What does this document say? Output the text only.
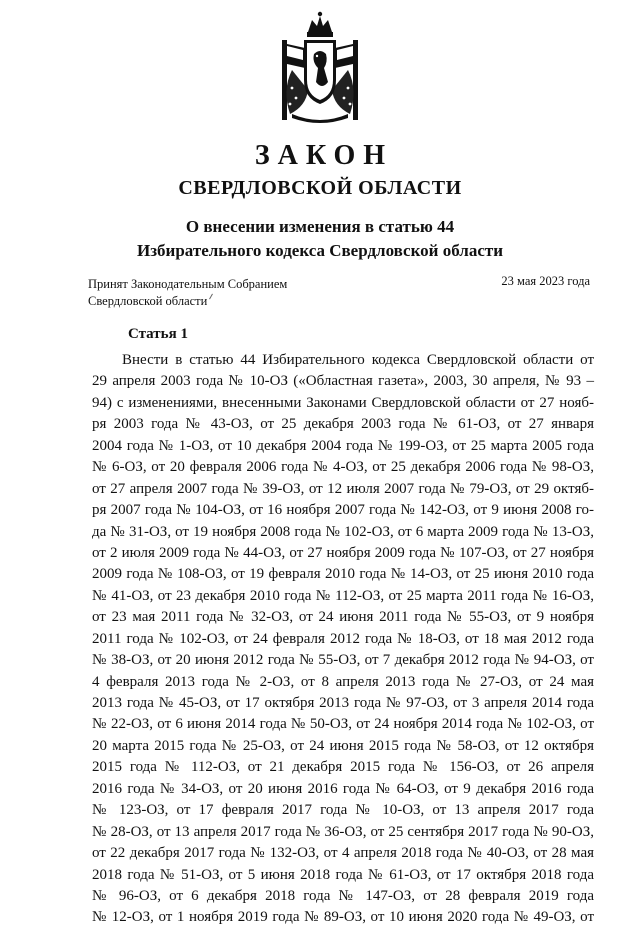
ЗАКОН
СВЕРДЛОВСКОЙ ОБЛАСТИ
О внесении изменения в статью 44
Избирательного кодекса Свердловской области
Принят Законодательным Собранием
Свердловской области
23 мая 2023 года
Статья 1
Внести в статью 44 Избирательного кодекса Свердловской области от
29 апреля 2003 года № 10-ОЗ («Областная газета», 2003, 30 апреля, № 93 –
94) с изменениями, внесенными Законами Свердловской области от 27 нояб-
ря 2003 года № 43-ОЗ, от 25 декабря 2003 года № 61-ОЗ, от 27 января
2004 года № 1-ОЗ, от 10 декабря 2004 года № 199-ОЗ, от 25 марта 2005 года
№ 6-ОЗ, от 20 февраля 2006 года № 4-ОЗ, от 25 декабря 2006 года № 98-ОЗ,
от 27 апреля 2007 года № 39-ОЗ, от 12 июля 2007 года № 79-ОЗ, от 29 октяб-
ря 2007 года № 104-ОЗ, от 16 ноября 2007 года № 142-ОЗ, от 9 июня 2008 го-
да № 31-ОЗ, от 19 ноября 2008 года № 102-ОЗ, от 6 марта 2009 года № 13-ОЗ,
от 2 июля 2009 года № 44-ОЗ, от 27 ноября 2009 года № 107-ОЗ, от 27 ноября
2009 года № 108-ОЗ, от 19 февраля 2010 года № 14-ОЗ, от 25 июня 2010 года
№ 41-ОЗ, от 23 декабря 2010 года № 112-ОЗ, от 25 марта 2011 года № 16-ОЗ,
от 23 мая 2011 года № 32-ОЗ, от 24 июня 2011 года № 55-ОЗ, от 9 ноября
2011 года № 102-ОЗ, от 24 февраля 2012 года № 18-ОЗ, от 18 мая 2012 года
№ 38-ОЗ, от 20 июня 2012 года № 55-ОЗ, от 7 декабря 2012 года № 94-ОЗ, от
4 февраля 2013 года № 2-ОЗ, от 8 апреля 2013 года № 27-ОЗ, от 24 мая
2013 года № 45-ОЗ, от 17 октября 2013 года № 97-ОЗ, от 3 апреля 2014 года
№ 22-ОЗ, от 6 июня 2014 года № 50-ОЗ, от 24 ноября 2014 года № 102-ОЗ, от
20 марта 2015 года № 25-ОЗ, от 24 июня 2015 года № 58-ОЗ, от 12 октября
2015 года № 112-ОЗ, от 21 декабря 2015 года № 156-ОЗ, от 26 апреля
2016 года № 34-ОЗ, от 20 июня 2016 года № 64-ОЗ, от 9 декабря 2016 года
№ 123-ОЗ, от 17 февраля 2017 года № 10-ОЗ, от 13 апреля 2017 года
№ 28-ОЗ, от 13 апреля 2017 года № 36-ОЗ, от 25 сентября 2017 года № 90-ОЗ,
от 22 декабря 2017 года № 132-ОЗ, от 4 апреля 2018 года № 40-ОЗ, от 28 мая
2018 года № 51-ОЗ, от 5 июня 2018 года № 61-ОЗ, от 17 октября 2018 года
№ 96-ОЗ, от 6 декабря 2018 года № 147-ОЗ, от 28 февраля 2019 года
№ 12-ОЗ, от 1 ноября 2019 года № 89-ОЗ, от 10 июня 2020 года № 49-ОЗ, от
